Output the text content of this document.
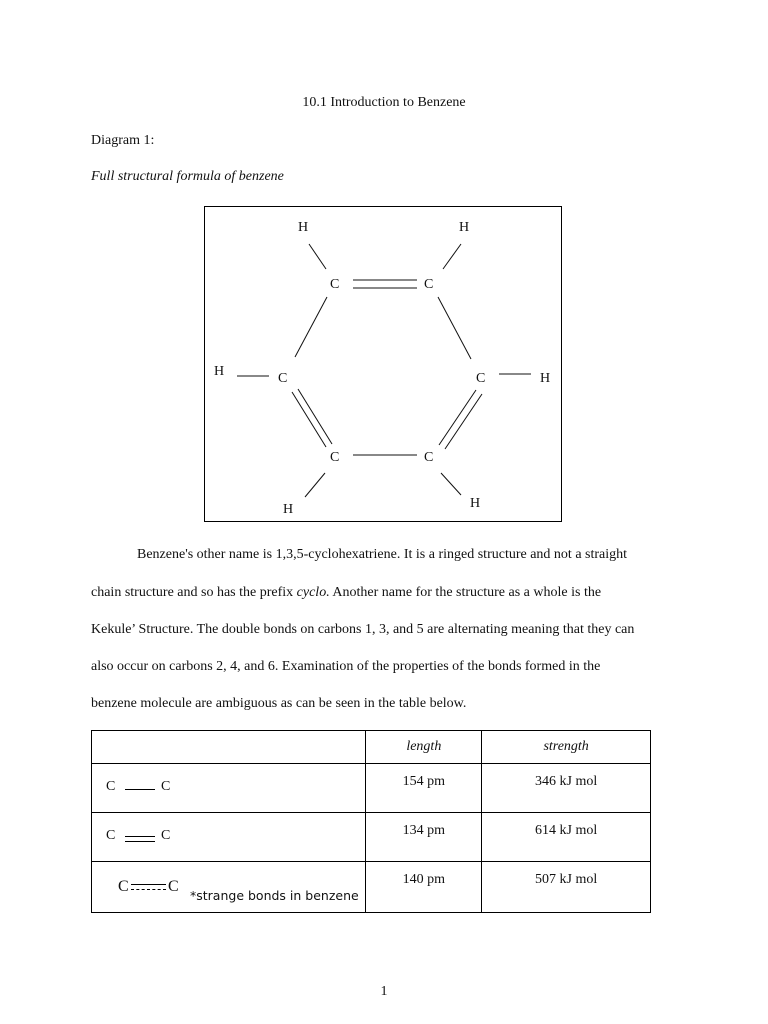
10.1 Introduction to Benzene
Diagram 1:
Full structural formula of benzene
C	C
C
C
C
C
H	H
H
H
H
H
Benzene's other name is 1,3,5-cyclohexatriene. It is a ringed structure and not a straight
chain structure and so has the prefix cyclo. Another name for the structure as a whole is the
Kekule’ Structure. The double bonds on carbons 1, 3, and 5 are alternating meaning that they can
also occur on carbons 2, 4, and 6. Examination of the properties of the bonds formed in the
benzene molecule are ambiguous as can be seen in the table below.
	length	strength

C C	154 pm	346 kJ mol

C C	134 pm	614 kJ mol

C C
*strange bonds in benzene	140 pm	507 kJ mol
1
